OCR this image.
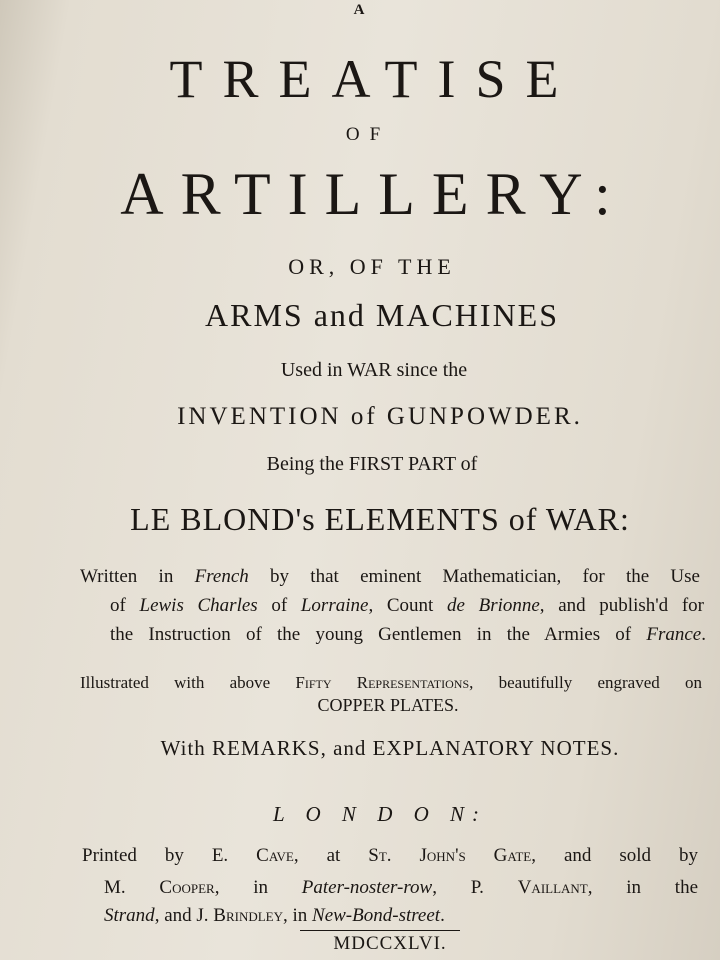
A
TREATISE
OF
ARTILLERY:
OR, OF THE
ARMS and MACHINES
Used in WAR since the
INVENTION of GUNPOWDER.
Being the FIRST PART of
LE BLOND's ELEMENTS of WAR:
Written in French by that eminent Mathematician, for the Use
of Lewis Charles of Lorraine, Count de Brionne, and publish'd for
the Instruction of the young Gentlemen in the Armies of France.
Illustrated with above Fifty Representations, beautifully engraved on
COPPER PLATES.
With REMARKS, and EXPLANATORY NOTES.
L O N D O N:
Printed by E. Cave, at St. John's Gate, and sold by
M. Cooper, in Pater-noster-row, P. Vaillant, in the
Strand, and J. Brindley, in New-Bond-street.
MDCCXLVI.
